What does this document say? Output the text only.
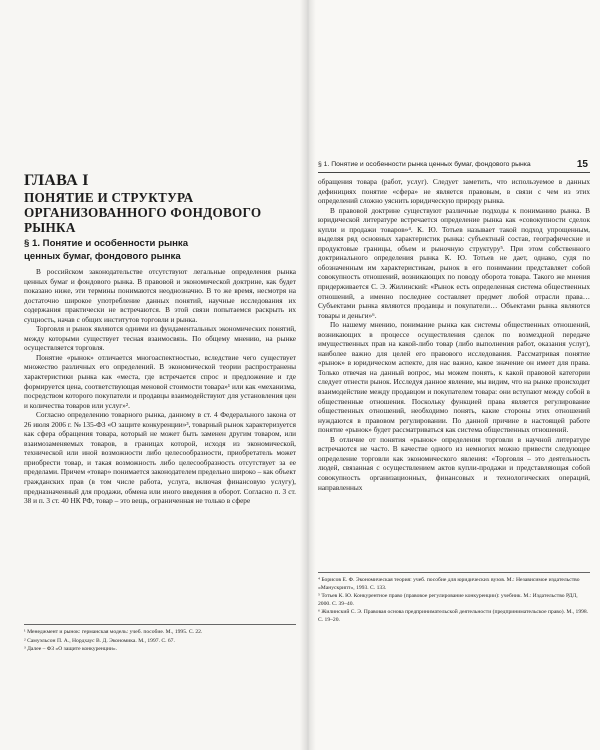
ГЛАВА I
ПОНЯТИЕ И СТРУКТУРА
ОРГАНИЗОВАННОГО ФОНДОВОГО РЫНКА
§ 1. Понятие и особенности рынка
ценных бумаг, фондового рынка

В российском законодательстве отсутствуют легальные определения рынка ценных бумаг и фондового рынка. В правовой и экономической доктрине, как будет показано ниже, эти термины понимаются неоднозначно. В то же время, несмотря на достаточно широкое употребление данных понятий, научные исследования их содержания практически не встречаются. В этой связи попытаемся раскрыть их сущность, начав с общих институтов торговли и рынка.

Торговля и рынок являются одними из фундаментальных экономических понятий, между которыми существует тесная взаимосвязь. По общему мнению, на рынке осуществляется торговля.

Понятие «рынок» отличается многоаспектностью, вследствие чего существует множество различных его определений. В экономической теории распространены характеристики рынка как «места, где встречается спрос и предложение и где формируется цена, соответствующая меновой стоимости товара»¹ или как «механизма, посредством которого покупатели и продавцы взаимодействуют для установления цен и количества товаров или услуг»².

Согласно определению товарного рынка, данному в ст. 4 Федерального закона от 26 июля 2006 г. № 135-ФЗ «О защите конкуренции»³, товарный рынок характеризуется как сфера обращения товара, который не может быть заменен другим товаром, или взаимозаменяемых товаров, в границах которой, исходя из экономической, технической или иной возможности либо целесообразности, приобретатель может приобрести товар, и такая возможность либо целесообразность отсутствует за ее пределами. Причем «товар» понимается законодателем предельно широко – как объект гражданских прав (в том числе работа, услуга, включая финансовую услугу), предназначенный для продажи, обмена или иного введения в оборот. Согласно п. 3 ст. 38 и п. 3 ст. 40 НК РФ, товар – это вещь, ограниченная не только в сфере

¹ Менеджмент и рынок: германская модель: учеб. пособие. М., 1995. С. 22.
² Самуэльсон П. А., Нордхаус В. Д. Экономика. М., 1997. С. 67.
³ Далее – ФЗ «О защите конкуренции».
§ 1. Понятие и особенности рынка ценных бумаг, фондового рынка	15

обращения товара (работ, услуг). Следует заметить, что используемое в данных дефинициях понятие «сфера» не является правовым, в связи с чем из этих определений сложно уяснить юридическую природу рынка.

В правовой доктрине существуют различные подходы к пониманию рынка. В юридической литературе встречается определение рынка как «совокупности сделок купли и продажи товаров»⁴. К. Ю. Тотьев называет такой подход упрощенным, выделяя ряд основных характеристик рынка: субъектный состав, географические и продуктовые границы, объем и рыночную структуру⁵. При этом собственного доктринального определения рынка К. Ю. Тотьев не дает, однако, судя по обозначенным им характеристикам, рынок в его понимании представляет собой совокупность отношений, возникающих по поводу оборота товара. Такого же мнения придерживается С. Э. Жилинский: «Рынок есть определенная система общественных отношений, а именно последнее составляет предмет любой отрасли права… Субъектами рынка являются продавцы и покупатели… Объектами рынка являются товары и деньги»⁶.

По нашему мнению, понимание рынка как системы общественных отношений, возникающих в процессе осуществления сделок по возмездной передаче имущественных прав на какой-либо товар (либо выполнения работ, оказания услуг), наиболее важно для целей его правового исследования. Рассматривая понятие «рынок» в юридическом аспекте, для нас важно, какое значение он имеет для права. Только отвечая на данный вопрос, мы можем понять, к какой правовой категории следует отнести рынок. Исследуя данное явление, мы видим, что на рынке происходит взаимодействие между продавцом и покупателем товара: они вступают между собой в общественные отношения. Поскольку функцией права является регулирование общественных отношений, необходимо понять, какие стороны этих отношений нуждаются в правовом регулировании. По данной причине в настоящей работе понятие «рынок» будет рассматриваться как система общественных отношений.

В отличие от понятия «рынок» определения торговли в научной литературе встречаются не часто. В качестве одного из немногих можно привести следующее определение торговли как экономического явления: «Торговля – это деятельность людей, связанная с осуществлением актов купли-продажи и представляющая собой совокупность организационных, финансовых и технологических операций, направленных

⁴ Борисов Е. Ф. Экономическая теория: учеб. пособие для юридических вузов. М.: Независимое издательство «Манускрипт», 1993. С. 133.
⁵ Тотьев К. Ю. Конкурентное право (правовое регулирование конкуренции): учебник. М.: Издательство РДЛ, 2000. С. 39–40.
⁶ Жилинский С. Э. Правовая основа предпринимательской деятельности (предпринимательское право). М., 1998. С. 19–20.
